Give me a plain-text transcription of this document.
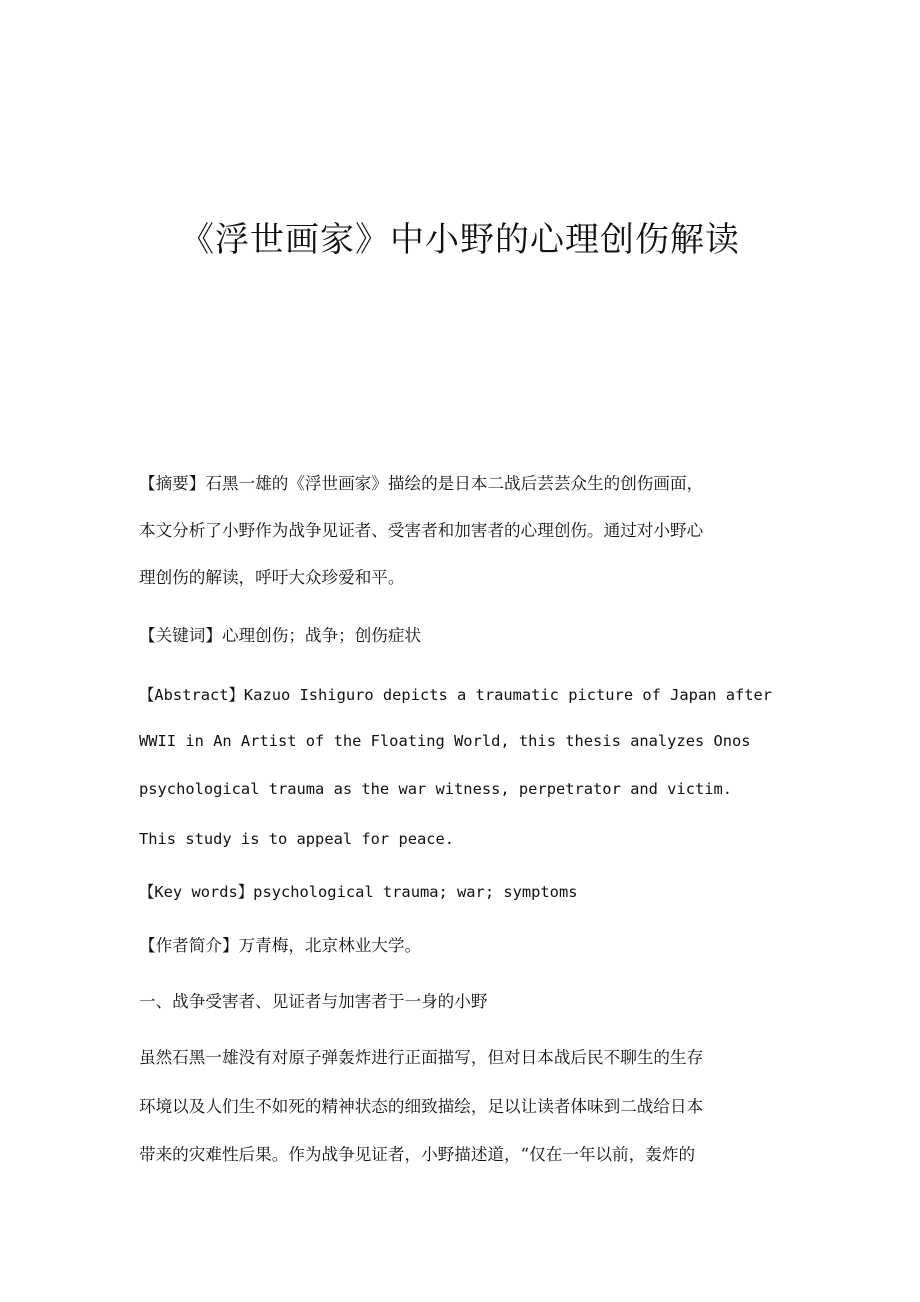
《浮世画家》中小野的心理创伤解读
【摘要】石黑一雄的《浮世画家》描绘的是日本二战后芸芸众生的创伤画面，
本文分析了小野作为战争见证者、受害者和加害者的心理创伤。通过对小野心
理创伤的解读，呼吁大众珍爱和平。
【关键词】心理创伤；战争；创伤症状
【Abstract】Kazuo Ishiguro depicts a traumatic picture of Japan after
WWII in An Artist of the Floating World, this thesis analyzes Onos
psychological trauma as the war witness, perpetrator and victim.
This study is to appeal for peace.
【Key words】psychological trauma; war; symptoms
【作者简介】万青梅，北京林业大学。
一、战争受害者、见证者与加害者于一身的小野
虽然石黑一雄没有对原子弹轰炸进行正面描写，但对日本战后民不聊生的生存
环境以及人们生不如死的精神状态的细致描绘，足以让读者体味到二战给日本
带来的灾难性后果。作为战争见证者，小野描述道，“仅在一年以前，轰炸的
